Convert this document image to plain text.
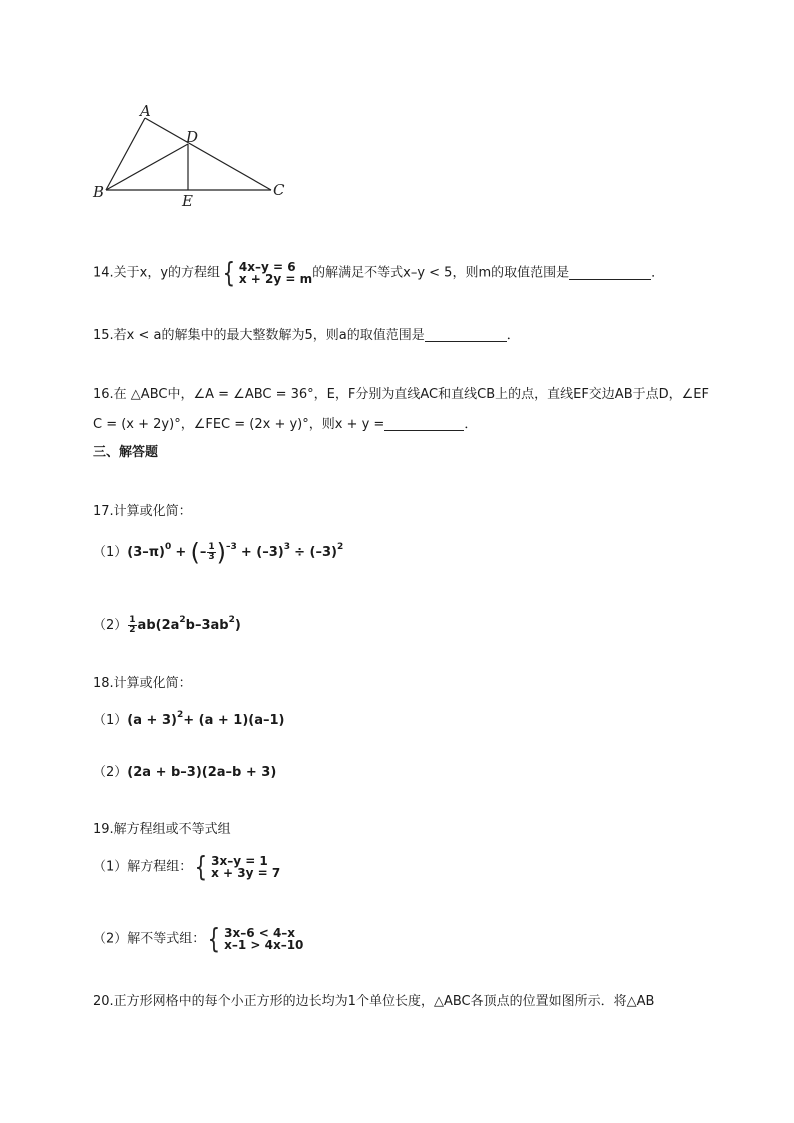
A
B	C
D
E
14.关于x，y的方程组 { 4x–y = 6
x + 2y = m 的解满足不等式x–y < 5，则m的取值范围是	．
15.若x < a的解集中的最大整数解为5，则a的取值范围是	．
16.在 △ABC中，∠A = ∠ABC = 36°，E，F分别为直线AC和直线CB上的点，直线EF交边AB于点D，∠EF
C = (x + 2y)°，∠FEC = (2x + y)°，则x + y =	．
三、解答题
17.计算或化简：
$(1)(3-\pi)^0$ + (– $\frac{1}{3} )^{-3} + (-3)^3 \div (-3)^2$
$(2) \frac{1}{2} ab(2a^2b-3ab^2)$
18.计算或化简：
$(1)(a + 3)^2+ (a + 1)(a-1)$
（2）(2a + b–3)(2a–b + 3)
19.解方程组或不等式组
（1）解方程组： { 3x–y = 1
x + 3y = 7
（2）解不等式组： { 3x–6 < 4–x
x–1 > 4x–10
20.正方形网格中的每个小正方形的边长均为1个单位长度，△ABC各顶点的位置如图所示．将△AB
